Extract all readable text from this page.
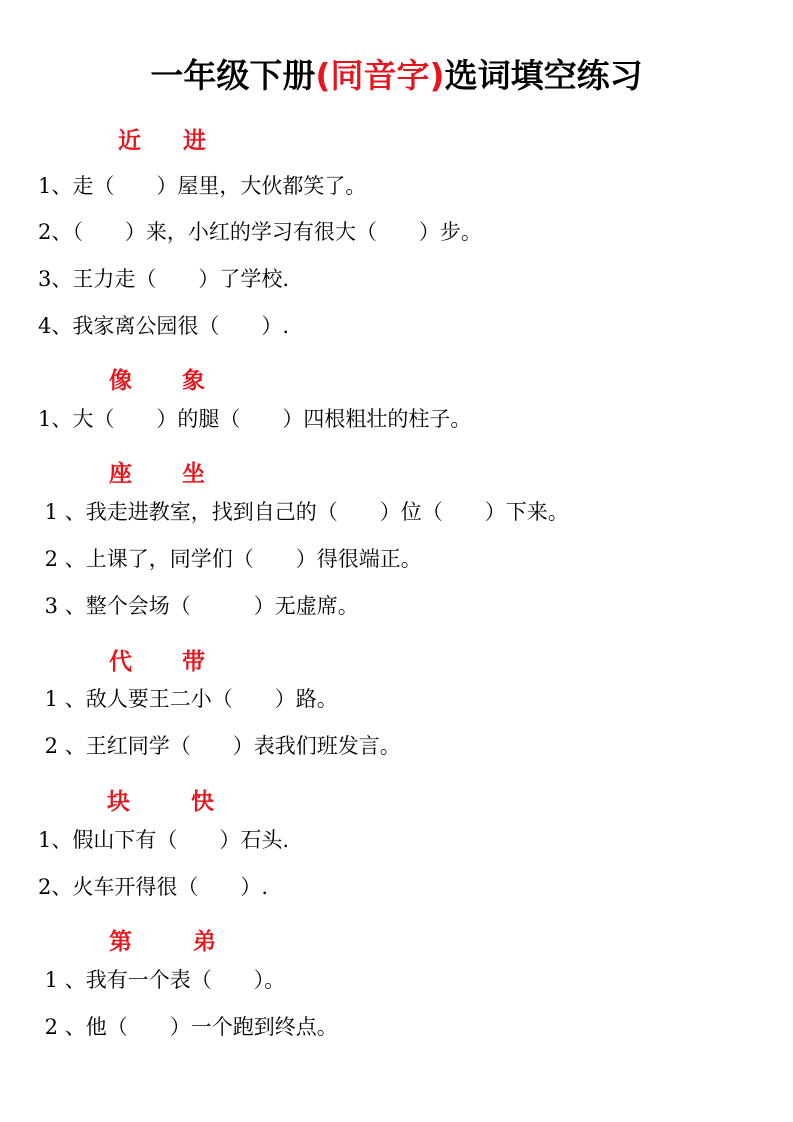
一年级下册(同音字)选词填空练习
近 进
1、走（　　）屋里，大伙都笑了。
2、（　　）来，小红的学习有很大（　　）步。
3、王力走（　　）了学校.
4、我家离公园很（　　）.
像 象
1、大（　　）的腿（　　）四根粗壮的柱子。
座 坐
1 、我走进教室，找到自己的（　　）位（　　）下来。
2 、上课了，同学们（　　）得很端正。
3 、整个会场（　　　）无虚席。
代 带
1 、敌人要王二小（　　）路。
2 、王红同学（　　）表我们班发言。
块	快
1、假山下有（　　）石头.
2、火车开得很（　　）.
第	弟
1 、我有一个表（　　）。
2 、他（　　）一个跑到终点。
